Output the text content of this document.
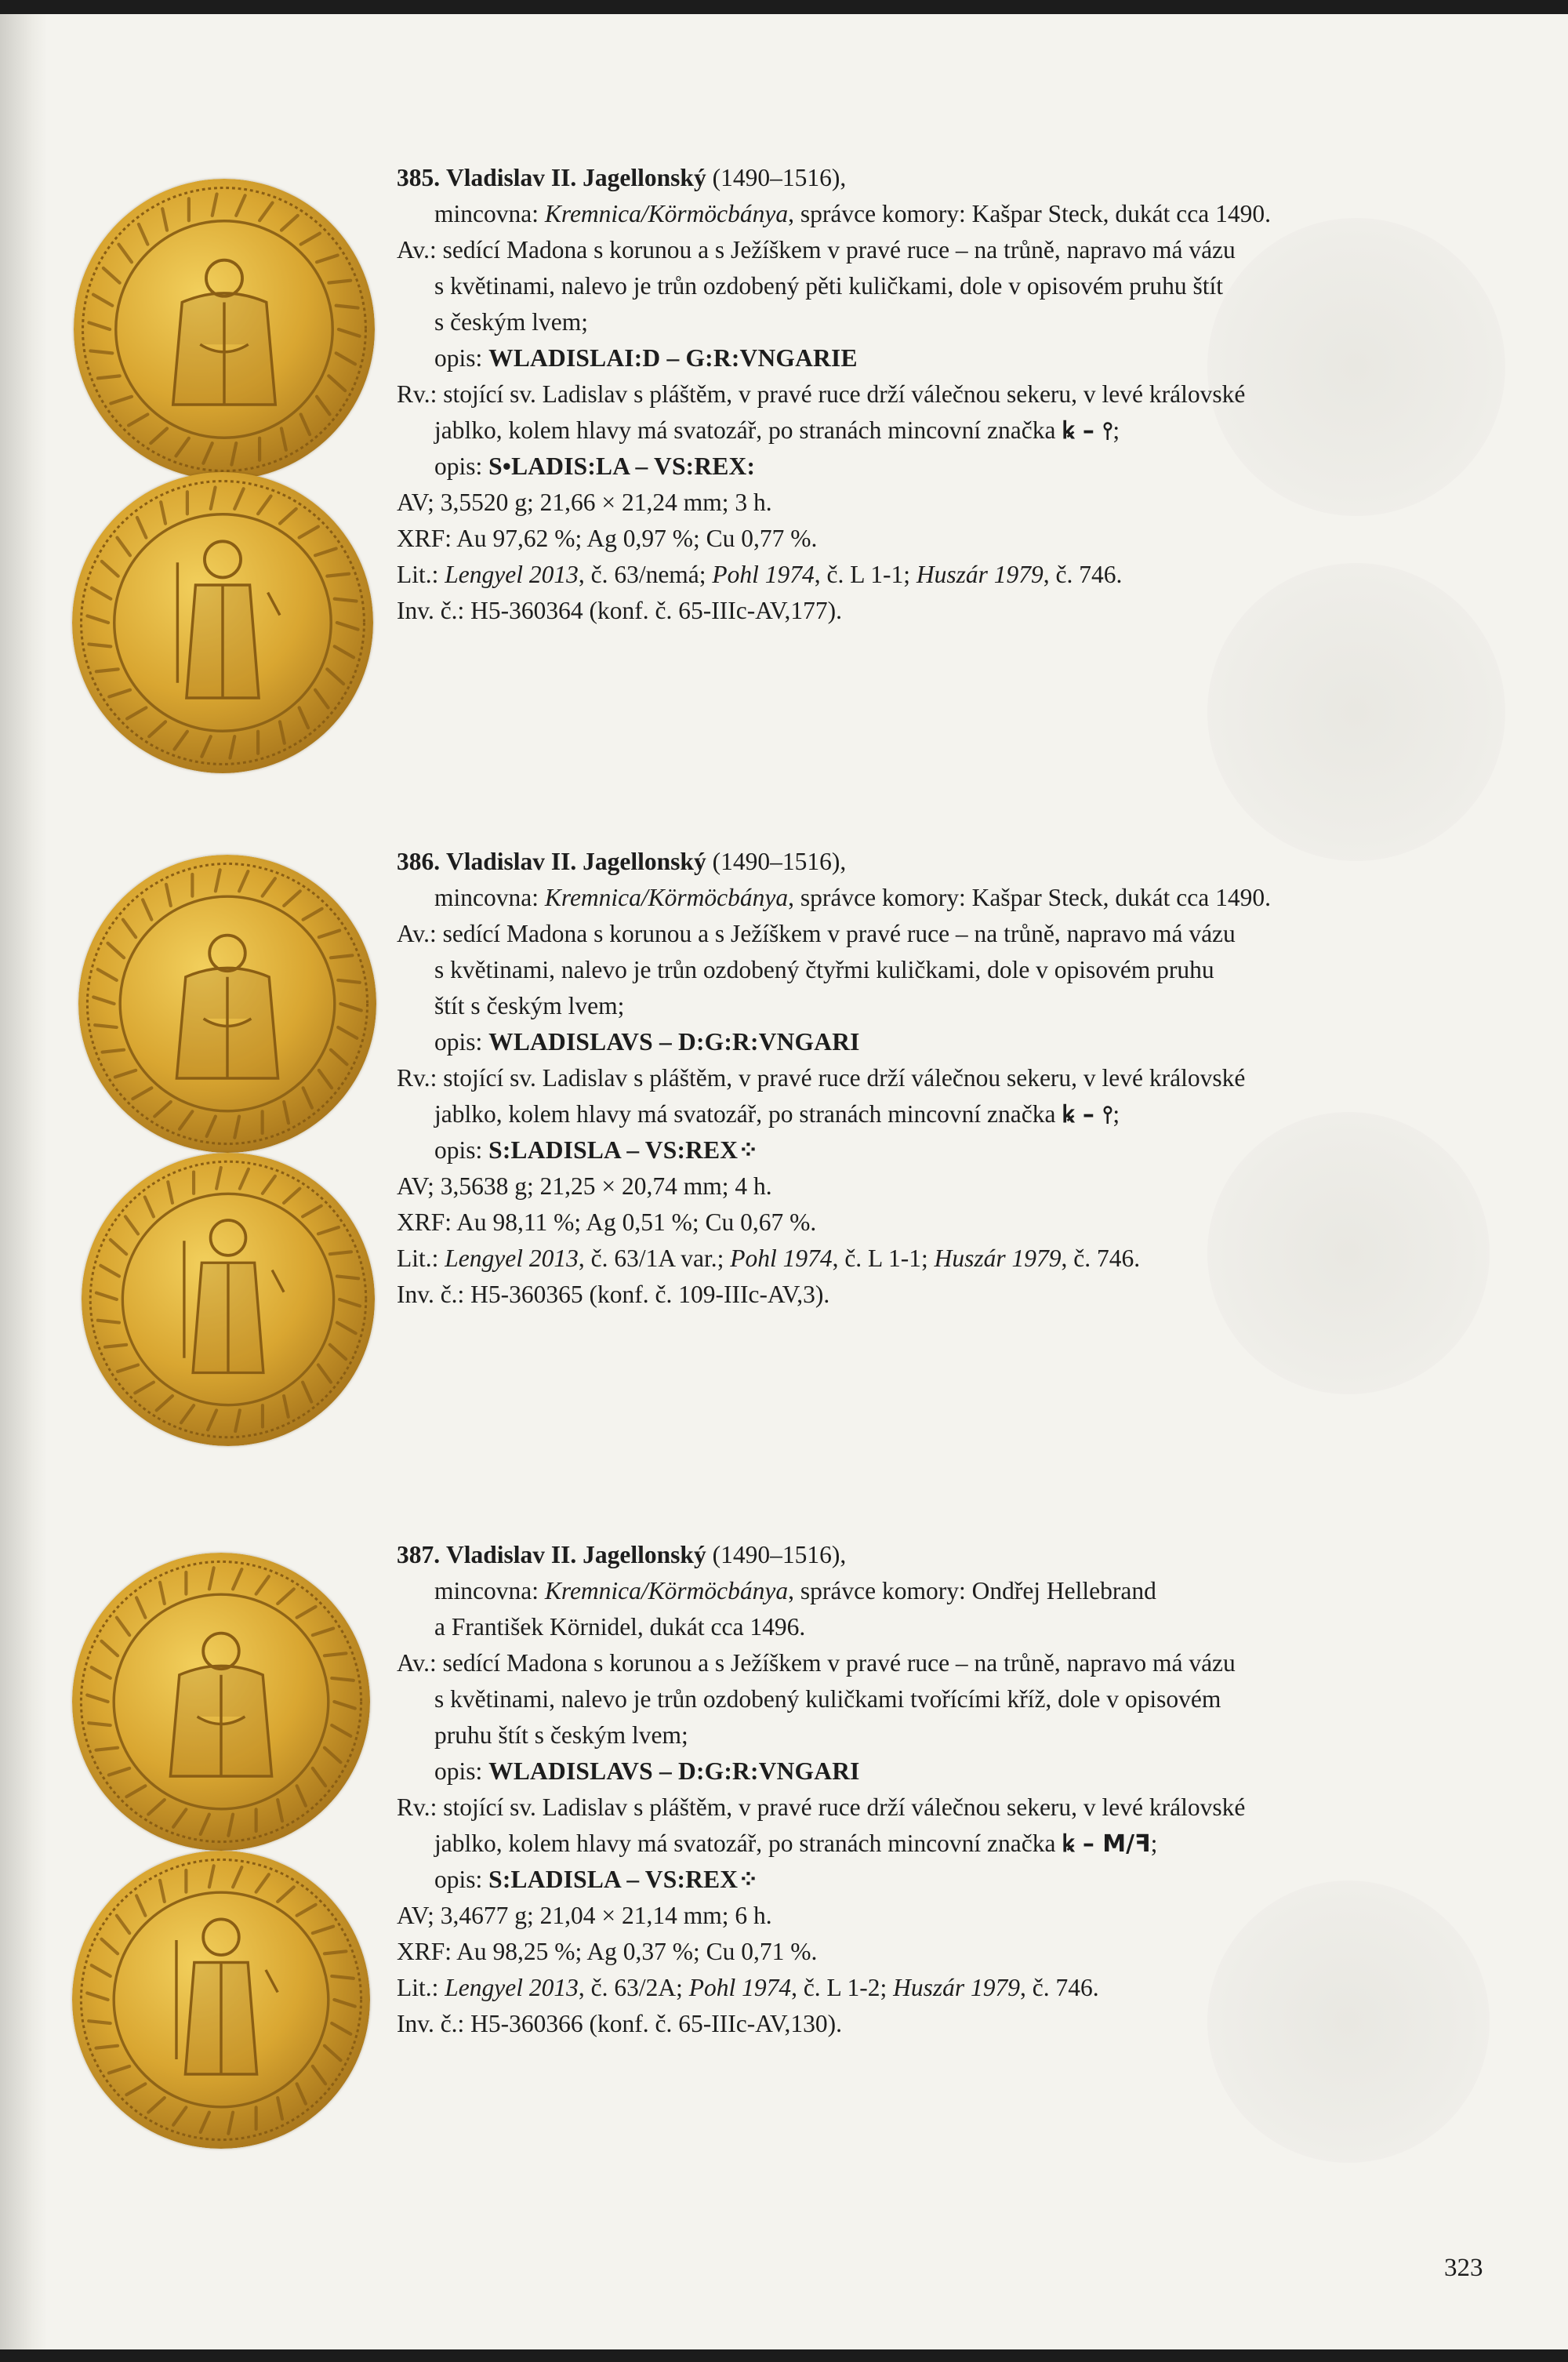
385. Vladislav II. Jagellonský (1490–1516),
mincovna: Kremnica/Körmöcbánya, správce komory: Kašpar Steck, dukát cca 1490.
Av.: sedící Madona s korunou a s Ježíškem v pravé ruce – na trůně, napravo má vázu
s květinami, nalevo je trůn ozdobený pěti kuličkami, dole v opisovém pruhu štít
s českým lvem;
opis: WLADISLAI:D – G:R:VNGARIE
Rv.: stojící sv. Ladislav s pláštěm, v pravé ruce drží válečnou sekeru, v levé královské
jablko, kolem hlavy má svatozář, po stranách mincovní značka ꝃ – ⫯;
opis: S•LADIS:LA – VS:REX:
AV; 3,5520 g; 21,66 × 21,24 mm; 3 h.
XRF: Au 97,62 %; Ag 0,97 %; Cu 0,77 %.
Lit.: Lengyel 2013, č. 63/nemá; Pohl 1974, č. L 1-1; Huszár 1979, č. 746.
Inv. č.: H5-360364 (konf. č. 65-IIIc-AV,177).
386. Vladislav II. Jagellonský (1490–1516),
mincovna: Kremnica/Körmöcbánya, správce komory: Kašpar Steck, dukát cca 1490.
Av.: sedící Madona s korunou a s Ježíškem v pravé ruce – na trůně, napravo má vázu
s květinami, nalevo je trůn ozdobený čtyřmi kuličkami, dole v opisovém pruhu
štít s českým lvem;
opis: WLADISLAVS – D:G:R:VNGARI
Rv.: stojící sv. Ladislav s pláštěm, v pravé ruce drží válečnou sekeru, v levé královské
jablko, kolem hlavy má svatozář, po stranách mincovní značka ꝃ – ⫯;
opis: S:LADISLA – VS:REX⁘
AV; 3,5638 g; 21,25 × 20,74 mm; 4 h.
XRF: Au 98,11 %; Ag 0,51 %; Cu 0,67 %.
Lit.: Lengyel 2013, č. 63/1A var.; Pohl 1974, č. L 1-1; Huszár 1979, č. 746.
Inv. č.: H5-360365 (konf. č. 109-IIIc-AV,3).
387. Vladislav II. Jagellonský (1490–1516),
mincovna: Kremnica/Körmöcbánya, správce komory: Ondřej Hellebrand
a František Körnidel, dukát cca 1496.
Av.: sedící Madona s korunou a s Ježíškem v pravé ruce – na trůně, napravo má vázu
s květinami, nalevo je trůn ozdobený kuličkami tvořícími kříž, dole v opisovém
pruhu štít s českým lvem;
opis: WLADISLAVS – D:G:R:VNGARI
Rv.: stojící sv. Ladislav s pláštěm, v pravé ruce drží válečnou sekeru, v levé královské
jablko, kolem hlavy má svatozář, po stranách mincovní značka ꝃ – M/ꟻ;
opis: S:LADISLA – VS:REX⁘
AV; 3,4677 g; 21,04 × 21,14 mm; 6 h.
XRF: Au 98,25 %; Ag 0,37 %; Cu 0,71 %.
Lit.: Lengyel 2013, č. 63/2A; Pohl 1974, č. L 1-2; Huszár 1979, č. 746.
Inv. č.: H5-360366 (konf. č. 65-IIIc-AV,130).
323
